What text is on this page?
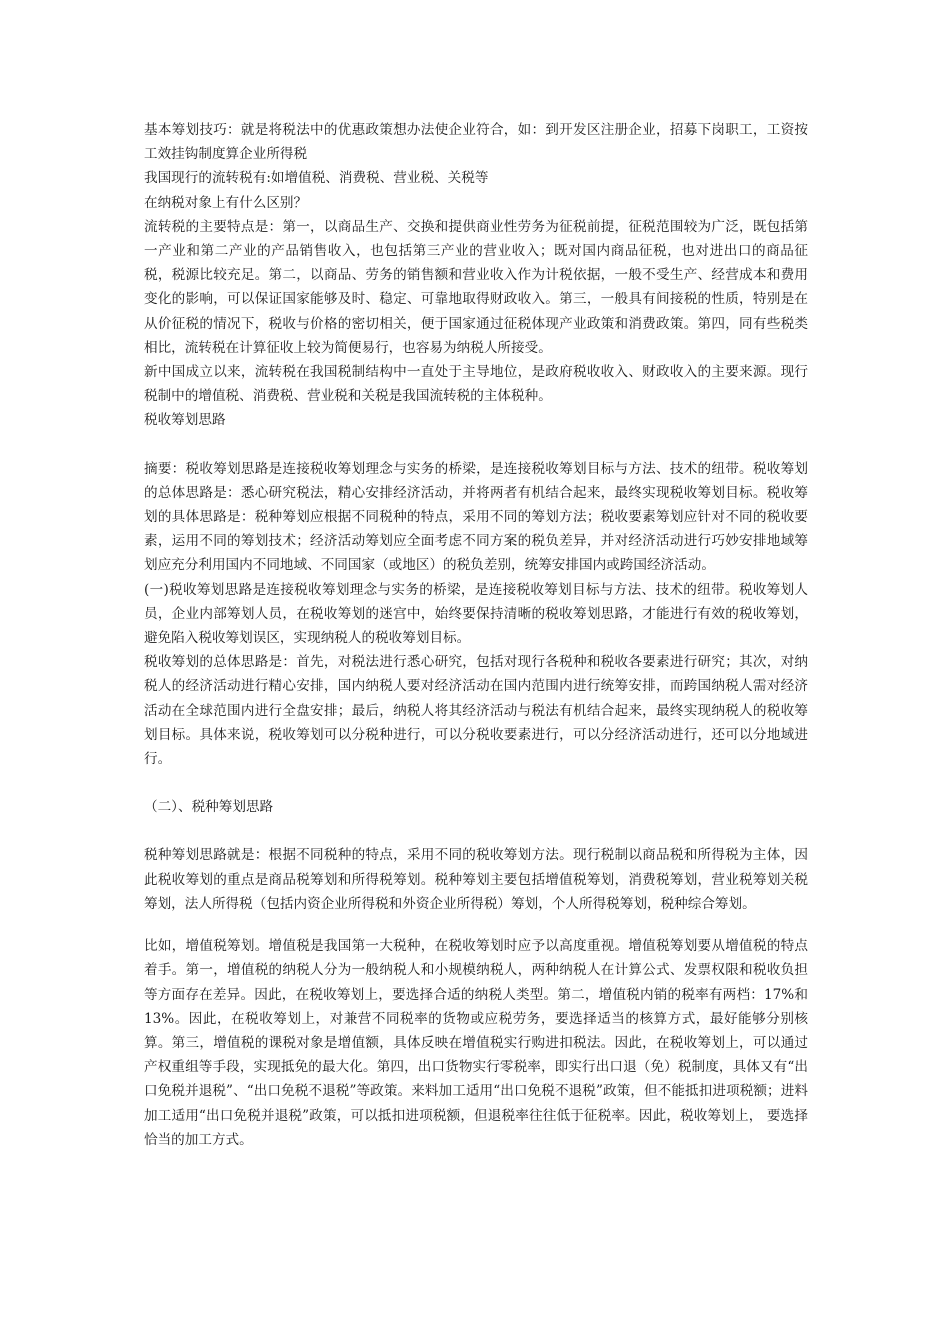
基本筹划技巧：就是将税法中的优惠政策想办法使企业符合，如：到开发区注册企业，招募下岗职工，工资按工效挂钩制度算企业所得税

我国现行的流转税有:如增值税、消费税、营业税、关税等

在纳税对象上有什么区别？

流转税的主要特点是：第一，以商品生产、交换和提供商业性劳务为征税前提，征税范围较为广泛，既包括第一产业和第二产业的产品销售收入，也包括第三产业的营业收入；既对国内商品征税，也对进出口的商品征税，税源比较充足。第二，以商品、劳务的销售额和营业收入作为计税依据，一般不受生产、经营成本和费用变化的影响，可以保证国家能够及时、稳定、可靠地取得财政收入。第三，一般具有间接税的性质，特别是在从价征税的情况下，税收与价格的密切相关，便于国家通过征税体现产业政策和消费政策。第四，同有些税类相比，流转税在计算征收上较为简便易行，也容易为纳税人所接受。

新中国成立以来，流转税在我国税制结构中一直处于主导地位，是政府税收收入、财政收入的主要来源。现行税制中的增值税、消费税、营业税和关税是我国流转税的主体税种。

税收筹划思路

摘要：税收筹划思路是连接税收筹划理念与实务的桥梁，是连接税收筹划目标与方法、技术的纽带。税收筹划的总体思路是：悉心研究税法，精心安排经济活动，并将两者有机结合起来，最终实现税收筹划目标。税收筹划的具体思路是：税种筹划应根据不同税种的特点，采用不同的筹划方法；税收要素筹划应针对不同的税收要素，运用不同的筹划技术；经济活动筹划应全面考虑不同方案的税负差异，并对经济活动进行巧妙安排地域筹划应充分利用国内不同地域、不同国家（或地区）的税负差别，统筹安排国内或跨国经济活动。

(一)税收筹划思路是连接税收筹划理念与实务的桥梁，是连接税收筹划目标与方法、技术的纽带。税收筹划人员，企业内部筹划人员，在税收筹划的迷宫中，始终要保持清晰的税收筹划思路，才能进行有效的税收筹划，避免陷入税收筹划误区，实现纳税人的税收筹划目标。

税收筹划的总体思路是：首先，对税法进行悉心研究，包括对现行各税种和税收各要素进行研究；其次，对纳税人的经济活动进行精心安排，国内纳税人要对经济活动在国内范围内进行统筹安排，而跨国纳税人需对经济活动在全球范围内进行全盘安排；最后，纳税人将其经济活动与税法有机结合起来，最终实现纳税人的税收筹划目标。具体来说，税收筹划可以分税种进行，可以分税收要素进行，可以分经济活动进行，还可以分地域进行。

（二）、税种筹划思路

税种筹划思路就是：根据不同税种的特点，采用不同的税收筹划方法。现行税制以商品税和所得税为主体，因此税收筹划的重点是商品税筹划和所得税筹划。税种筹划主要包括增值税筹划，消费税筹划，营业税筹划关税筹划，法人所得税（包括内资企业所得税和外资企业所得税）筹划，个人所得税筹划，税种综合筹划。

比如，增值税筹划。增值税是我国第一大税种，在税收筹划时应予以高度重视。增值税筹划要从增值税的特点着手。第一，增值税的纳税人分为一般纳税人和小规模纳税人，两种纳税人在计算公式、发票权限和税收负担等方面存在差异。因此，在税收筹划上，要选择合适的纳税人类型。第二，增值税内销的税率有两档：17%和 13%。因此，在税收筹划上，对兼营不同税率的货物或应税劳务，要选择适当的核算方式，最好能够分别核算。第三，增值税的课税对象是增值额，具体反映在增值税实行购进扣税法。因此，在税收筹划上，可以通过产权重组等手段，实现抵免的最大化。第四，出口货物实行零税率，即实行出口退（免）税制度，具体又有“出口免税并退税”、“出口免税不退税”等政策。来料加工适用“出口免税不退税”政策，但不能抵扣进项税额；进料加工适用“出口免税并退税”政策，可以抵扣进项税额，但退税率往往低于征税率。因此，税收筹划上， 要选择恰当的加工方式。
